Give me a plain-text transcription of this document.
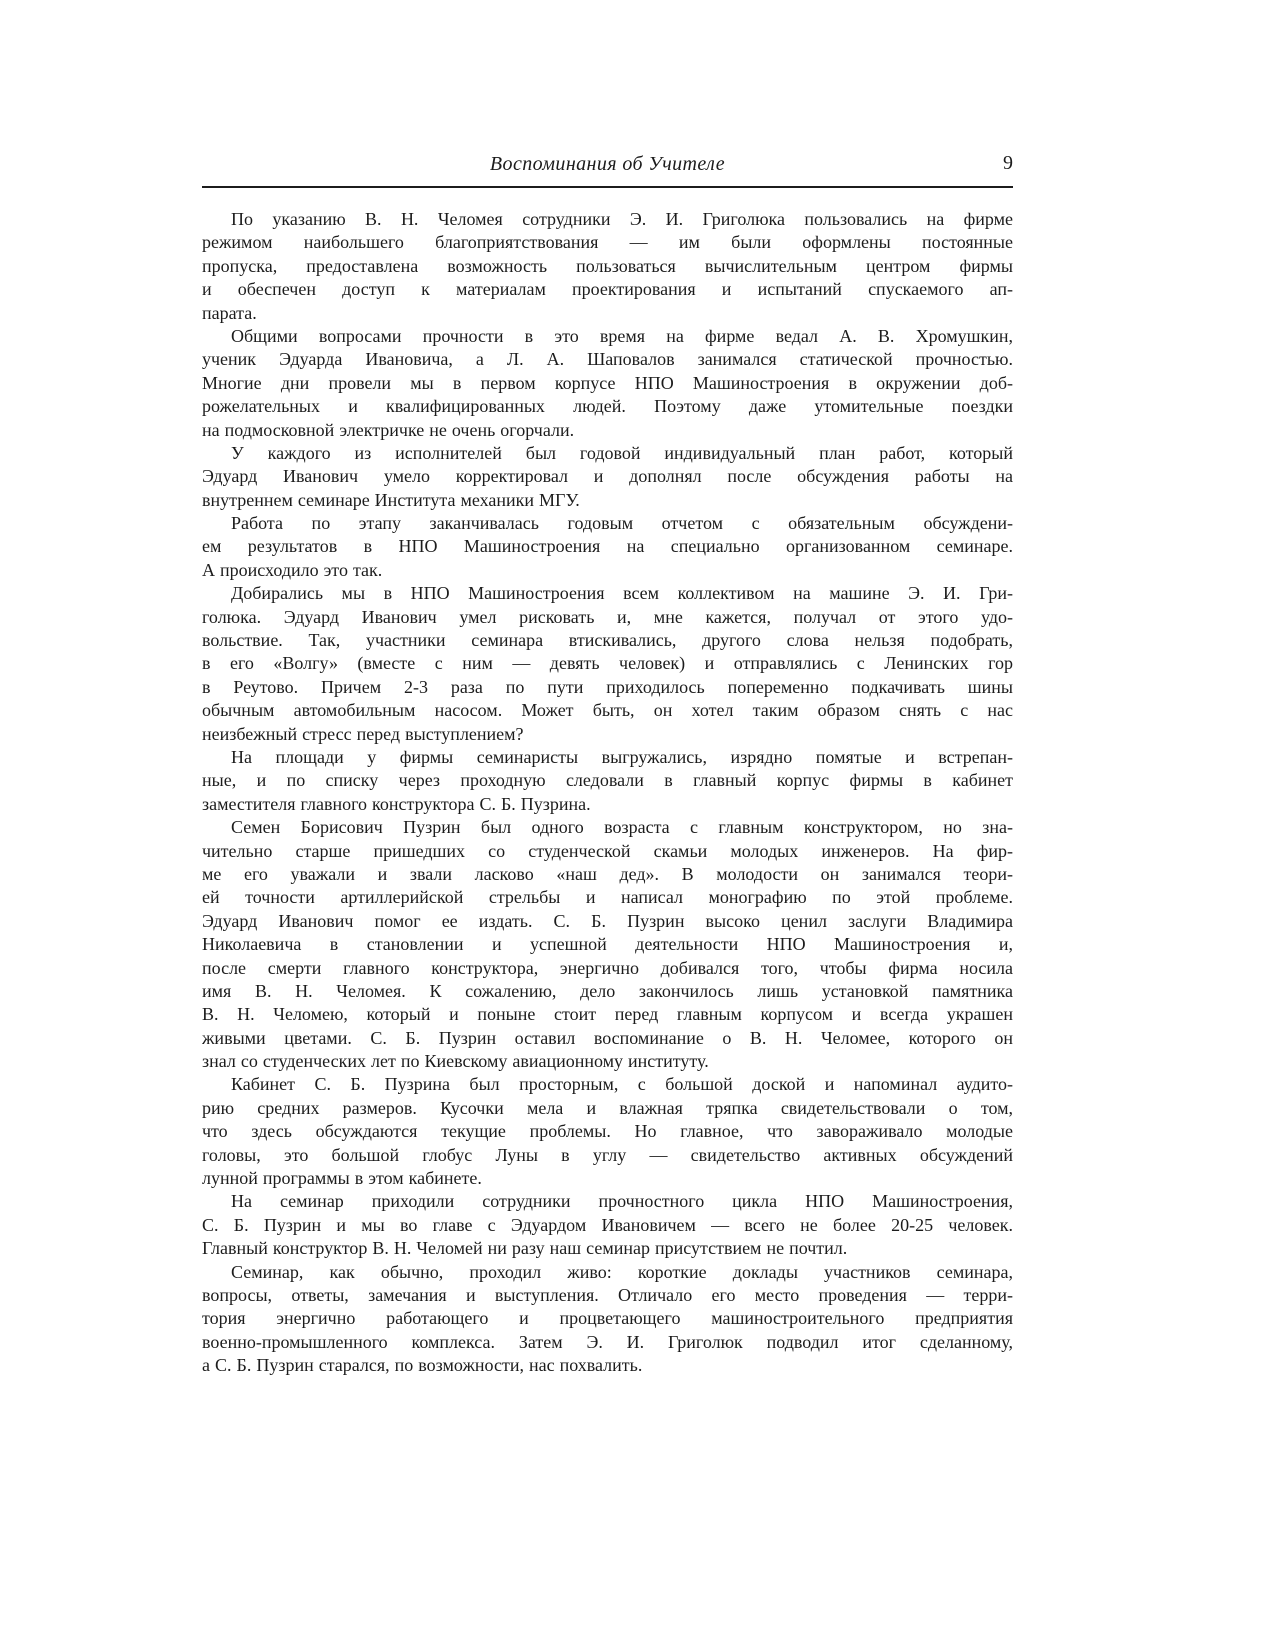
Воспоминания об Учителе	9
По указанию В. Н. Челомея сотрудники Э. И. Григолюка пользовались на фирме
режимом наибольшего благоприятствования — им были оформлены постоянные
пропуска, предоставлена возможность пользоваться вычислительным центром фирмы
и обеспечен доступ к материалам проектирования и испытаний спускаемого ап-
парата.
Общими вопросами прочности в это время на фирме ведал А. В. Хромушкин,
ученик Эдуарда Ивановича, а Л. А. Шаповалов занимался статической прочностью.
Многие дни провели мы в первом корпусе НПО Машиностроения в окружении доб-
рожелательных и квалифицированных людей. Поэтому даже утомительные поездки
на подмосковной электричке не очень огорчали.
У каждого из исполнителей был годовой индивидуальный план работ, который
Эдуард Иванович умело корректировал и дополнял после обсуждения работы на
внутреннем семинаре Института механики МГУ.
Работа по этапу заканчивалась годовым отчетом с обязательным обсуждени-
ем результатов в НПО Машиностроения на специально организованном семинаре.
А происходило это так.
Добирались мы в НПО Машиностроения всем коллективом на машине Э. И. Гри-
голюка. Эдуард Иванович умел рисковать и, мне кажется, получал от этого удо-
вольствие. Так, участники семинара втискивались, другого слова нельзя подобрать,
в его «Волгу» (вместе с ним — девять человек) и отправлялись с Ленинских гор
в Реутово. Причем 2-3 раза по пути приходилось попеременно подкачивать шины
обычным автомобильным насосом. Может быть, он хотел таким образом снять с нас
неизбежный стресс перед выступлением?
На площади у фирмы семинаристы выгружались, изрядно помятые и встрепан-
ные, и по списку через проходную следовали в главный корпус фирмы в кабинет
заместителя главного конструктора С. Б. Пузрина.
Семен Борисович Пузрин был одного возраста с главным конструктором, но зна-
чительно старше пришедших со студенческой скамьи молодых инженеров. На фир-
ме его уважали и звали ласково «наш дед». В молодости он занимался теори-
ей точности артиллерийской стрельбы и написал монографию по этой проблеме.
Эдуард Иванович помог ее издать. С. Б. Пузрин высоко ценил заслуги Владимира
Николаевича в становлении и успешной деятельности НПО Машиностроения и,
после смерти главного конструктора, энергично добивался того, чтобы фирма носила
имя В. Н. Челомея. К сожалению, дело закончилось лишь установкой памятника
В. Н. Челомею, который и поныне стоит перед главным корпусом и всегда украшен
живыми цветами. С. Б. Пузрин оставил воспоминание о В. Н. Челомее, которого он
знал со студенческих лет по Киевскому авиационному институту.
Кабинет С. Б. Пузрина был просторным, с большой доской и напоминал аудито-
рию средних размеров. Кусочки мела и влажная тряпка свидетельствовали о том,
что здесь обсуждаются текущие проблемы. Но главное, что завораживало молодые
головы, это большой глобус Луны в углу — свидетельство активных обсуждений
лунной программы в этом кабинете.
На семинар приходили сотрудники прочностного цикла НПО Машиностроения,
С. Б. Пузрин и мы во главе с Эдуардом Ивановичем — всего не более 20-25 человек.
Главный конструктор В. Н. Челомей ни разу наш семинар присутствием не почтил.
Семинар, как обычно, проходил живо: короткие доклады участников семинара,
вопросы, ответы, замечания и выступления. Отличало его место проведения — терри-
тория энергично работающего и процветающего машиностроительного предприятия
военно-промышленного комплекса. Затем Э. И. Григолюк подводил итог сделанному,
а С. Б. Пузрин старался, по возможности, нас похвалить.
